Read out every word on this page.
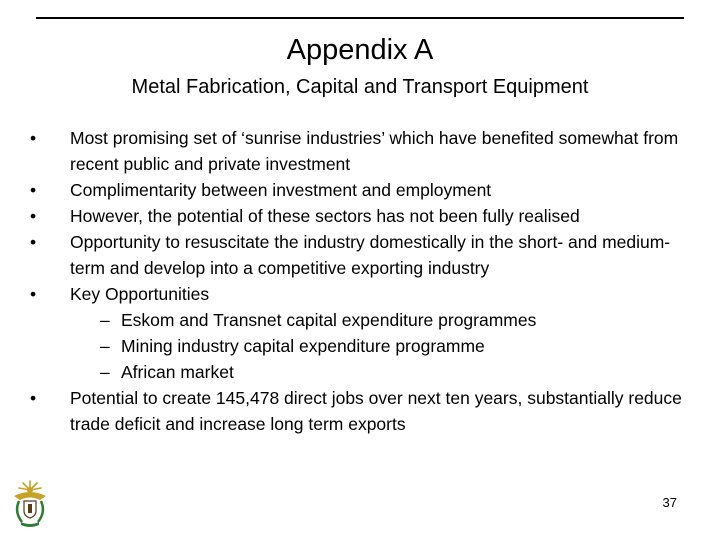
Appendix A
Metal Fabrication, Capital and Transport Equipment
•	Most promising set of ‘sunrise industries’ which have benefited somewhat from recent public and private investment
•	Complimentarity between investment and employment
•	However, the potential of these sectors has not been fully realised
•	Opportunity to resuscitate the industry domestically in the short- and medium-term and develop into a competitive exporting industry
•	Key Opportunities
– Eskom and Transnet capital expenditure programmes
– Mining industry capital expenditure programme
– African market
•	Potential to create 145,478 direct jobs over next ten years, substantially reduce trade deficit and increase long term exports
37
